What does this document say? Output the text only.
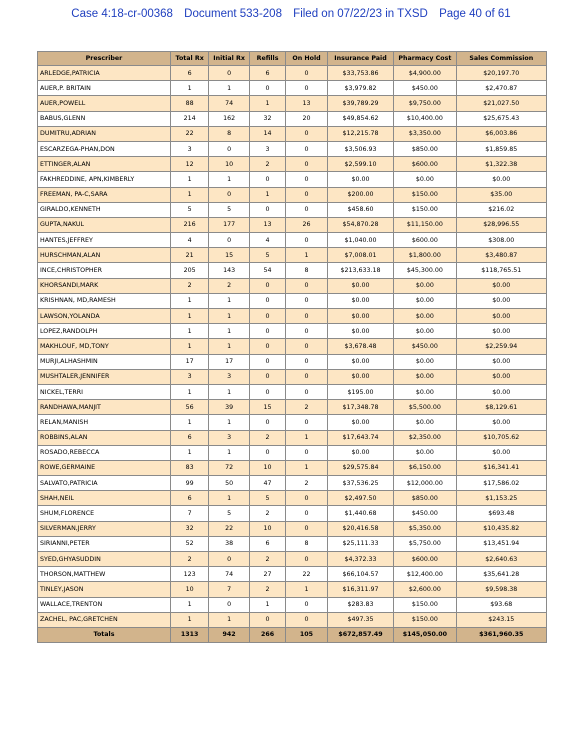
Case 4:18-cr-00368 Document 533-208 Filed on 07/22/23 in TXSD Page 40 of 61
Prescriber	Total Rx	Initial Rx	Refills	On Hold	Insurance Paid	Pharmacy Cost	Sales Commission
ARLEDGE,PATRICIA	6	0	6	0	$33,753.86	$4,900.00	$20,197.70
AUER,P. BRITAIN	1	1	0	0	$3,979.82	$450.00	$2,470.87
AUER,POWELL	88	74	1	13	$39,789.29	$9,750.00	$21,027.50
BABUS,GLENN	214	162	32	20	$49,854.62	$10,400.00	$25,675.43
DUMITRU,ADRIAN	22	8	14	0	$12,215.78	$3,350.00	$6,003.86
ESCARZEGA-PHAN,DON	3	0	3	0	$3,506.93	$850.00	$1,859.85
ETTINGER,ALAN	12	10	2	0	$2,599.10	$600.00	$1,322.38
FAKHREDDINE, APN,KIMBERLY	1	1	0	0	$0.00	$0.00	$0.00
FREEMAN, PA-C,SARA	1	0	1	0	$200.00	$150.00	$35.00
GIRALDO,KENNETH	5	5	0	0	$458.60	$150.00	$216.02
GUPTA,NAKUL	216	177	13	26	$54,870.28	$11,150.00	$28,996.55
HANTES,JEFFREY	4	0	4	0	$1,040.00	$600.00	$308.00
HURSCHMAN,ALAN	21	15	5	1	$7,008.01	$1,800.00	$3,480.87
INCE,CHRISTOPHER	205	143	54	8	$213,633.18	$45,300.00	$118,765.51
KHORSANDI,MARK	2	2	0	0	$0.00	$0.00	$0.00
KRISHNAN, MD,RAMESH	1	1	0	0	$0.00	$0.00	$0.00
LAWSON,YOLANDA	1	1	0	0	$0.00	$0.00	$0.00
LOPEZ,RANDOLPH	1	1	0	0	$0.00	$0.00	$0.00
MAKHLOUF, MD,TONY	1	1	0	0	$3,678.48	$450.00	$2,259.94
MURJI,ALHASHMIN	17	17	0	0	$0.00	$0.00	$0.00
MUSHTALER,JENNIFER	3	3	0	0	$0.00	$0.00	$0.00
NICKEL,TERRI	1	1	0	0	$195.00	$0.00	$0.00
RANDHAWA,MANJIT	56	39	15	2	$17,348.78	$5,500.00	$8,129.61
RELAN,MANISH	1	1	0	0	$0.00	$0.00	$0.00
ROBBINS,ALAN	6	3	2	1	$17,643.74	$2,350.00	$10,705.62
ROSADO,REBECCA	1	1	0	0	$0.00	$0.00	$0.00
ROWE,GERMAINE	83	72	10	1	$29,575.84	$6,150.00	$16,341.41
SALVATO,PATRICIA	99	50	47	2	$37,536.25	$12,000.00	$17,586.02
SHAH,NEIL	6	1	5	0	$2,497.50	$850.00	$1,153.25
SHUM,FLORENCE	7	5	2	0	$1,440.68	$450.00	$693.48
SILVERMAN,JERRY	32	22	10	0	$20,416.58	$5,350.00	$10,435.82
SIRIANNI,PETER	52	38	6	8	$25,111.33	$5,750.00	$13,451.94
SYED,GHYASUDDIN	2	0	2	0	$4,372.33	$600.00	$2,640.63
THORSON,MATTHEW	123	74	27	22	$66,104.57	$12,400.00	$35,641.28
TINLEY,JASON	10	7	2	1	$16,311.97	$2,600.00	$9,598.38
WALLACE,TRENTON	1	0	1	0	$283.83	$150.00	$93.68
ZACHEL, PAC,GRETCHEN	1	1	0	0	$497.35	$150.00	$243.15
Totals	1313	942	266	105	$672,857.49	$145,050.00	$361,960.35
